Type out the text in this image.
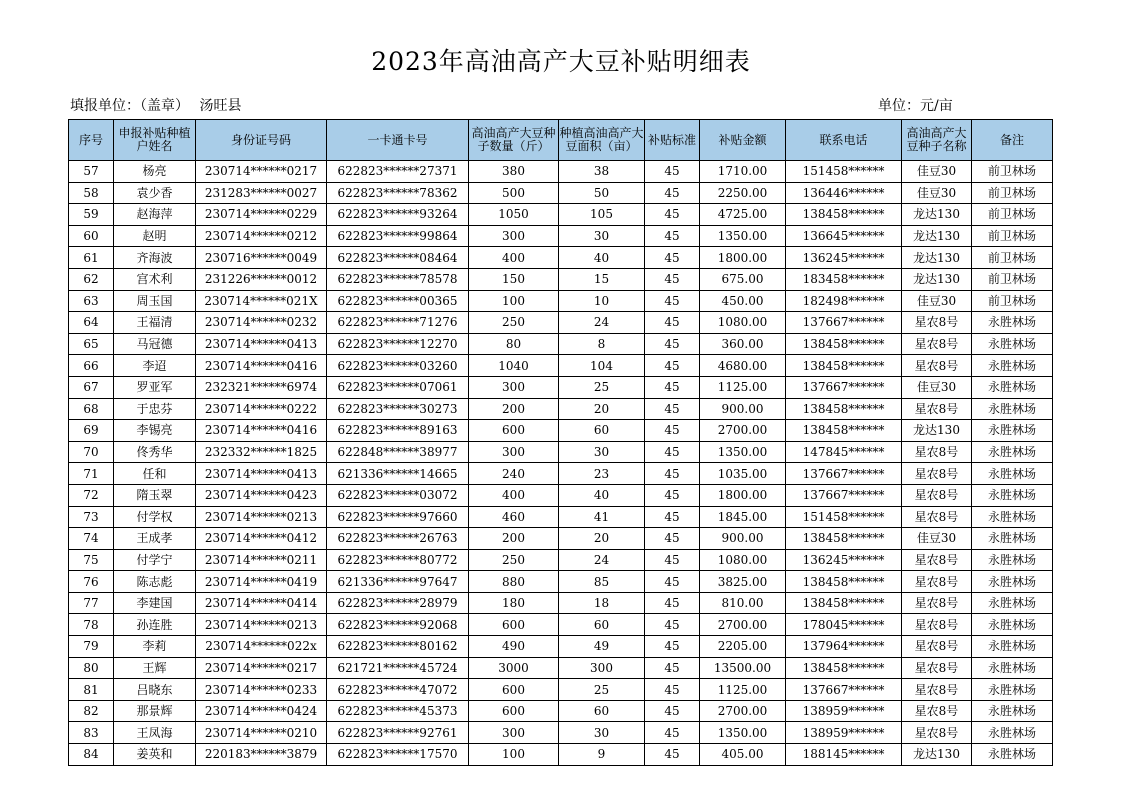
2023年高油高产大豆补贴明细表
填报单位：（盖章） 汤旺县	单位：元/亩
序号	申报补贴种植户姓名	身份证号码	一卡通卡号	高油高产大豆种子数量（斤）	种植高油高产大豆面积（亩）	补贴标准	补贴金额	联系电话	高油高产大豆种子名称	备注
57	杨亮	230714******0217	622823******27371	380	38	45	1710.00	151458******	佳豆30	前卫林场
58	袁少香	231283******0027	622823******78362	500	50	45	2250.00	136446******	佳豆30	前卫林场
59	赵海萍	230714******0229	622823******93264	1050	105	45	4725.00	138458******	龙达130	前卫林场
60	赵明	230714******0212	622823******99864	300	30	45	1350.00	136645******	龙达130	前卫林场
61	齐海波	230716******0049	622823******08464	400	40	45	1800.00	136245******	龙达130	前卫林场
62	宫术利	231226******0012	622823******78578	150	15	45	675.00	183458******	龙达130	前卫林场
63	周玉国	230714******021X	622823******00365	100	10	45	450.00	182498******	佳豆30	前卫林场
64	王福清	230714******0232	622823******71276	250	24	45	1080.00	137667******	星农8号	永胜林场
65	马冠德	230714******0413	622823******12270	80	8	45	360.00	138458******	星农8号	永胜林场
66	李迢	230714******0416	622823******03260	1040	104	45	4680.00	138458******	星农8号	永胜林场
67	罗亚军	232321******6974	622823******07061	300	25	45	1125.00	137667******	佳豆30	永胜林场
68	于忠芬	230714******0222	622823******30273	200	20	45	900.00	138458******	星农8号	永胜林场
69	李锡亮	230714******0416	622823******89163	600	60	45	2700.00	138458******	龙达130	永胜林场
70	佟秀华	232332******1825	622848******38977	300	30	45	1350.00	147845******	星农8号	永胜林场
71	任和	230714******0413	621336******14665	240	23	45	1035.00	137667******	星农8号	永胜林场
72	隋玉翠	230714******0423	622823******03072	400	40	45	1800.00	137667******	星农8号	永胜林场
73	付学权	230714******0213	622823******97660	460	41	45	1845.00	151458******	星农8号	永胜林场
74	王成孝	230714******0412	622823******26763	200	20	45	900.00	138458******	佳豆30	永胜林场
75	付学宁	230714******0211	622823******80772	250	24	45	1080.00	136245******	星农8号	永胜林场
76	陈志彪	230714******0419	621336******97647	880	85	45	3825.00	138458******	星农8号	永胜林场
77	李建国	230714******0414	622823******28979	180	18	45	810.00	138458******	星农8号	永胜林场
78	孙连胜	230714******0213	622823******92068	600	60	45	2700.00	178045******	星农8号	永胜林场
79	李莉	230714******022x	622823******80162	490	49	45	2205.00	137964******	星农8号	永胜林场
80	王辉	230714******0217	621721******45724	3000	300	45	13500.00	138458******	星农8号	永胜林场
81	吕晓东	230714******0233	622823******47072	600	25	45	1125.00	137667******	星农8号	永胜林场
82	那景辉	230714******0424	622823******45373	600	60	45	2700.00	138959******	星农8号	永胜林场
83	王凤海	230714******0210	622823******92761	300	30	45	1350.00	138959******	星农8号	永胜林场
84	姜英和	220183******3879	622823******17570	100	9	45	405.00	188145******	龙达130	永胜林场
